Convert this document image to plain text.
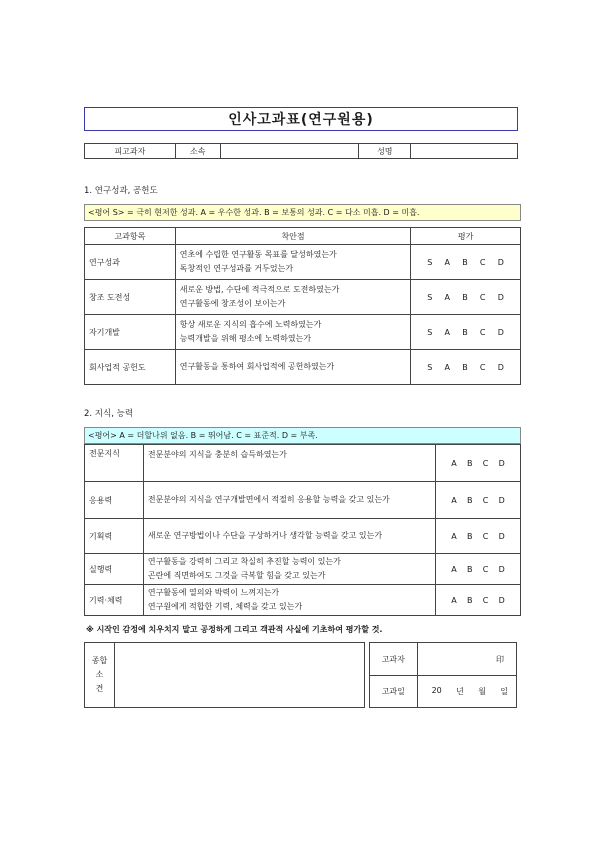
인사고과표(연구원용)
피고과자	소속		성명	
1. 연구성과, 공헌도
<평어 S> = 극히 현저한 성과. A = 우수한 성과. B = 보통의 성과. C = 다소 미흡. D = 미흡.
고과항목	착안점	평가
연구성과	연초에 수립한 연구활동 목표를 달성하였는가
독창적인 연구성과를 거두었는가	S A B C D

창조 도전성	새로운 방법, 수단에 적극적으로 도전하였는가
연구활동에 창조성이 보이는가	S A B C D

자기개발	항상 새로운 지식의 흡수에 노력하였는가
능력개발을 위해 평소에 노력하였는가	S A B C D

회사업적 공헌도	연구활동을 통하여 회사업적에 공헌하였는가	S A B C D
2. 지식, 능력
<평어> A = 더할나위 없음. B = 뛰어남. C = 표준적. D = 부족.
전문지식	전문분야의 지식을 충분히 습득하였는가	A B C D

응용력	전문분야의 지식을 연구개발면에서 적절히 응용할 능력을 갖고 있는가	A B C D

기획력	새로운 연구방법이나 수단을 구상하거나 생각할 능력을 갖고 있는가	A B C D

실행력	연구활동을 강력히 그리고 착실히 추진할 능력이 있는가
곤란에 직면하여도 그것을 극복할 힘을 갖고 있는가	A B C D

기력·체력	연구활동에 열의와 박력이 느껴지는가
연구원에게 적합한 기력, 체력을 갖고 있는가	A B C D
※ 시작인 감정에 치우치지 말고 공정하게 그리고 객관적 사실에 기초하여 평가할 것.
종합소
견

고과자	印
고과일	20 년 월 일
